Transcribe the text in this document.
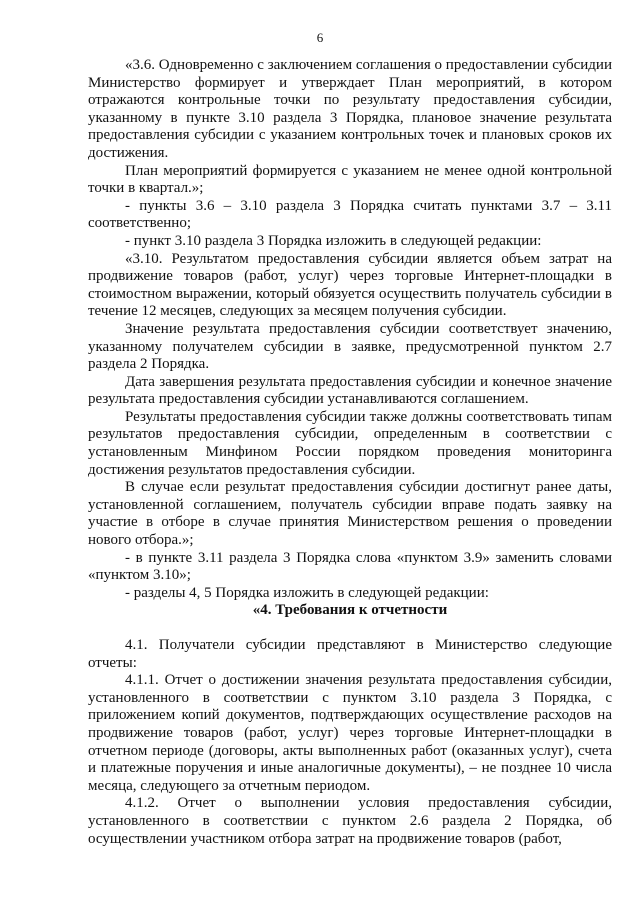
6

«3.6. Одновременно с заключением соглашения о предоставлении субсидии Министерство формирует и утверждает План мероприятий, в котором отражаются контрольные точки по результату предоставления субсидии, указанному в пункте 3.10 раздела 3 Порядка, плановое значение результата предоставления субсидии с указанием контрольных точек и плановых сроков их достижения.

План мероприятий формируется с указанием не менее одной контрольной точки в квартал.»;

- пункты 3.6 – 3.10 раздела 3 Порядка считать пунктами 3.7 – 3.11 соответственно;

- пункт 3.10 раздела 3 Порядка изложить в следующей редакции:

«3.10. Результатом предоставления субсидии является объем затрат на продвижение товаров (работ, услуг) через торговые Интернет-площадки в стоимостном выражении, который обязуется осуществить получатель субсидии в течение 12 месяцев, следующих за месяцем получения субсидии.

Значение результата предоставления субсидии соответствует значению, указанному получателем субсидии в заявке, предусмотренной пунктом 2.7 раздела 2 Порядка.

Дата завершения результата предоставления субсидии и конечное значение результата предоставления субсидии устанавливаются соглашением.

Результаты предоставления субсидии также должны соответствовать типам результатов предоставления субсидии, определенным в соответствии с установленным Минфином России порядком проведения мониторинга достижения результатов предоставления субсидии.

В случае если результат предоставления субсидии достигнут ранее даты, установленной соглашением, получатель субсидии вправе подать заявку на участие в отборе в случае принятия Министерством решения о проведении нового отбора.»;

- в пункте 3.11 раздела 3 Порядка слова «пунктом 3.9» заменить словами «пунктом 3.10»;

- разделы 4, 5 Порядка изложить в следующей редакции:

«4. Требования к отчетности

4.1. Получатели субсидии представляют в Министерство следующие отчеты:

4.1.1. Отчет о достижении значения результата предоставления субсидии, установленного в соответствии с пунктом 3.10 раздела 3 Порядка, с приложением копий документов, подтверждающих осуществление расходов на продвижение товаров (работ, услуг) через торговые Интернет-площадки в отчетном периоде (договоры, акты выполненных работ (оказанных услуг), счета и платежные поручения и иные аналогичные документы), – не позднее 10 числа месяца, следующего за отчетным периодом.

4.1.2. Отчет о выполнении условия предоставления субсидии, установленного в соответствии с пунктом 2.6 раздела 2 Порядка, об осуществлении участником отбора затрат на продвижение товаров (работ,
